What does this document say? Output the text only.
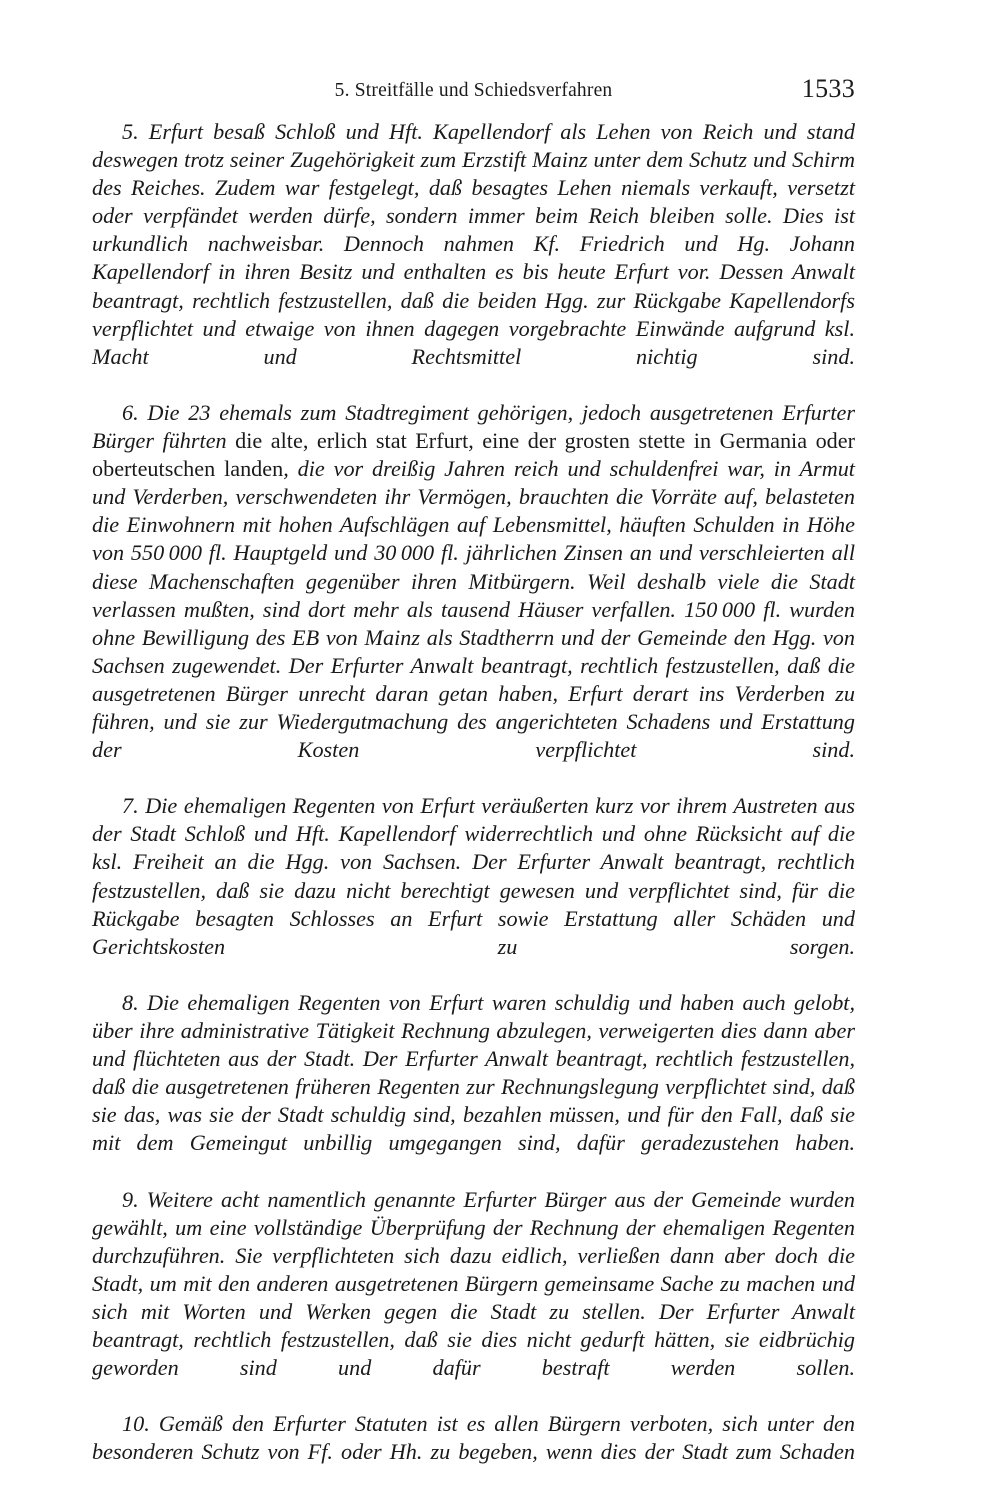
5. Streitfälle und Schiedsverfahren	1533

5. Erfurt besaß Schloß und Hft. Kapellendorf als Lehen von Reich und stand deswegen trotz seiner Zugehörigkeit zum Erzstift Mainz unter dem Schutz und Schirm des Reiches. Zudem war festgelegt, daß besagtes Lehen niemals verkauft, versetzt oder verpfändet werden dürfe, sondern immer beim Reich bleiben solle. Dies ist urkundlich nachweisbar. Dennoch nahmen Kf. Friedrich und Hg. Johann Kapellendorf in ihren Besitz und enthalten es bis heute Erfurt vor. Dessen Anwalt beantragt, rechtlich festzustellen, daß die beiden Hgg. zur Rückgabe Kapellendorfs verpflichtet und etwaige von ihnen dagegen vorgebrachte Einwände aufgrund ksl. Macht und Rechtsmittel nichtig sind.

6. Die 23 ehemals zum Stadtregiment gehörigen, jedoch ausgetretenen Erfurter Bürger führten die alte, erlich stat Erfurt, eine der grosten stette in Germania oder oberteutschen landen, die vor dreißig Jahren reich und schuldenfrei war, in Armut und Verderben, verschwendeten ihr Vermögen, brauchten die Vorräte auf, belasteten die Einwohnern mit hohen Aufschlägen auf Lebensmittel, häuften Schulden in Höhe von 550 000 fl. Hauptgeld und 30 000 fl. jährlichen Zinsen an und verschleierten all diese Machenschaften gegenüber ihren Mitbürgern. Weil deshalb viele die Stadt verlassen mußten, sind dort mehr als tausend Häuser verfallen. 150 000 fl. wurden ohne Bewilligung des EB von Mainz als Stadtherrn und der Gemeinde den Hgg. von Sachsen zugewendet. Der Erfurter Anwalt beantragt, rechtlich festzustellen, daß die ausgetretenen Bürger unrecht daran getan haben, Erfurt derart ins Verderben zu führen, und sie zur Wiedergutmachung des angerichteten Schadens und Erstattung der Kosten verpflichtet sind.

7. Die ehemaligen Regenten von Erfurt veräußerten kurz vor ihrem Austreten aus der Stadt Schloß und Hft. Kapellendorf widerrechtlich und ohne Rücksicht auf die ksl. Freiheit an die Hgg. von Sachsen. Der Erfurter Anwalt beantragt, rechtlich festzustellen, daß sie dazu nicht berechtigt gewesen und verpflichtet sind, für die Rückgabe besagten Schlosses an Erfurt sowie Erstattung aller Schäden und Gerichtskosten zu sorgen.

8. Die ehemaligen Regenten von Erfurt waren schuldig und haben auch gelobt, über ihre administrative Tätigkeit Rechnung abzulegen, verweigerten dies dann aber und flüchteten aus der Stadt. Der Erfurter Anwalt beantragt, rechtlich festzustellen, daß die ausgetretenen früheren Regenten zur Rechnungslegung verpflichtet sind, daß sie das, was sie der Stadt schuldig sind, bezahlen müssen, und für den Fall, daß sie mit dem Gemeingut unbillig umgegangen sind, dafür geradezustehen haben.

9. Weitere acht namentlich genannte Erfurter Bürger aus der Gemeinde wurden gewählt, um eine vollständige Überprüfung der Rechnung der ehemaligen Regenten durchzuführen. Sie verpflichteten sich dazu eidlich, verließen dann aber doch die Stadt, um mit den anderen ausgetretenen Bürgern gemeinsame Sache zu machen und sich mit Worten und Werken gegen die Stadt zu stellen. Der Erfurter Anwalt beantragt, rechtlich festzustellen, daß sie dies nicht gedurft hätten, sie eidbrüchig geworden sind und dafür bestraft werden sollen.

10. Gemäß den Erfurter Statuten ist es allen Bürgern verboten, sich unter den besonderen Schutz von Ff. oder Hh. zu begeben, wenn dies der Stadt zum Schaden
